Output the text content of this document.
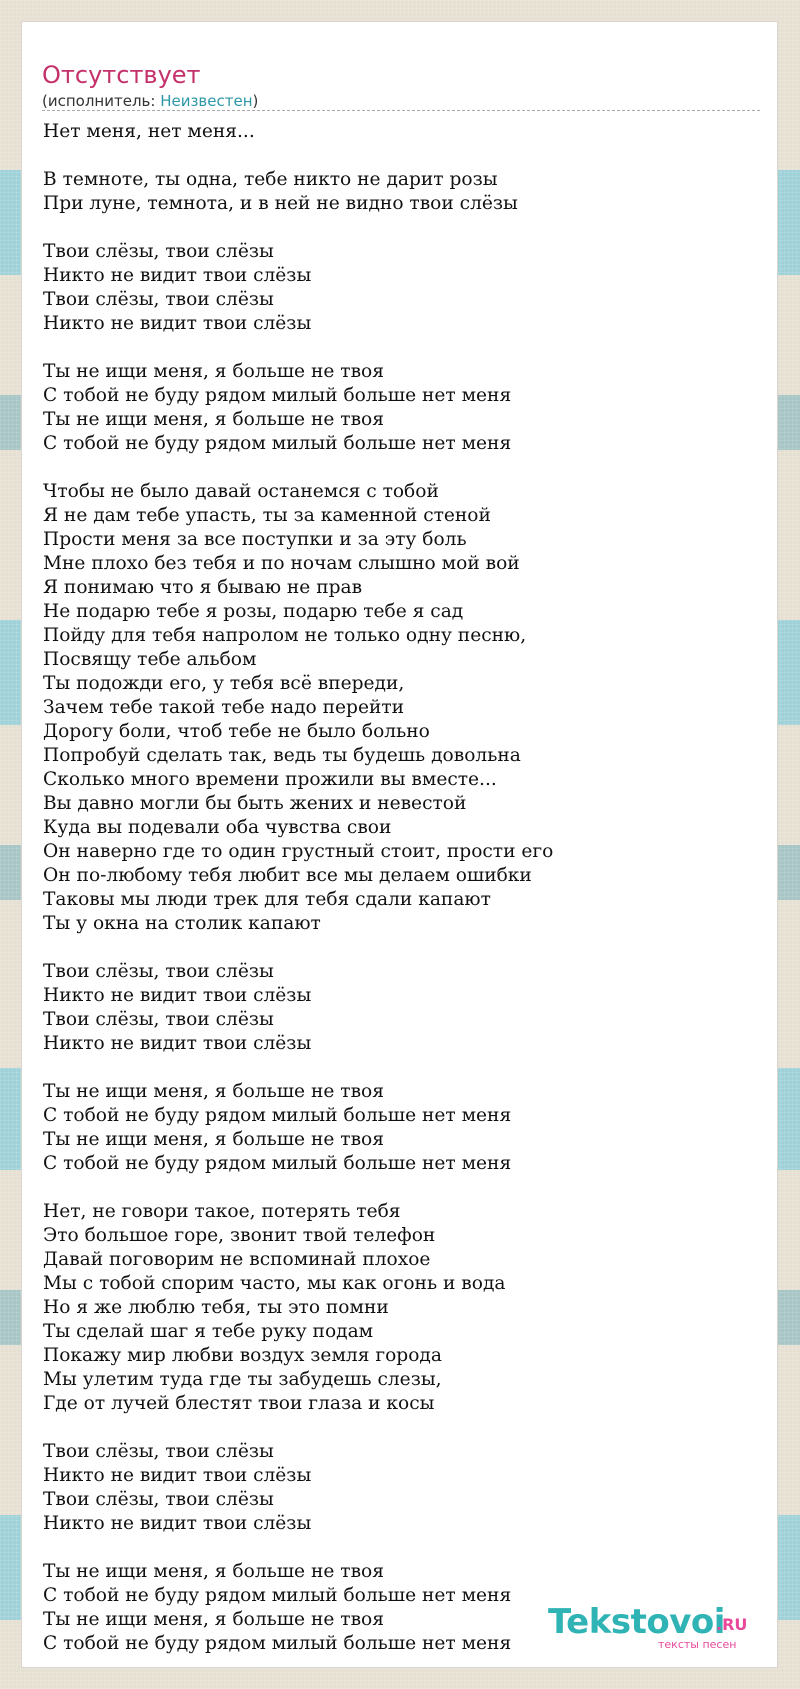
Отсутствует
(исполнитель: Неизвестен)
Нет меня, нет меня...
В темноте, ты одна, тебе никто не дарит розы
При луне, темнота, и в ней не видно твои слёзы
Твои слёзы, твои слёзы
Никто не видит твои слёзы
Твои слёзы, твои слёзы
Никто не видит твои слёзы
Ты не ищи меня, я больше не твоя
С тобой не буду рядом милый больше нет меня
Ты не ищи меня, я больше не твоя
С тобой не буду рядом милый больше нет меня
Чтобы не было давай останемся с тобой
Я не дам тебе упасть, ты за каменной стеной
Прости меня за все поступки и за эту боль
Мне плохо без тебя и по ночам слышно мой вой
Я понимаю что я бываю не прав
Не подарю тебе я розы, подарю тебе я сад
Пойду для тебя напролом не только одну песню,
Посвящу тебе альбом
Ты подожди его, у тебя всё впереди,
Зачем тебе такой тебе надо перейти
Дорогу боли, чтоб тебе не было больно
Попробуй сделать так, ведь ты будешь довольна
Сколько много времени прожили вы вместе...
Вы давно могли бы быть жених и невестой
Куда вы подевали оба чувства свои
Он наверно где то один грустный стоит, прости его
Он по-любому тебя любит все мы делаем ошибки
Таковы мы люди трек для тебя сдали капают
Ты у окна на столик капают
Твои слёзы, твои слёзы
Никто не видит твои слёзы
Твои слёзы, твои слёзы
Никто не видит твои слёзы
Ты не ищи меня, я больше не твоя
С тобой не буду рядом милый больше нет меня
Ты не ищи меня, я больше не твоя
С тобой не буду рядом милый больше нет меня
Нет, не говори такое, потерять тебя
Это большое горе, звонит твой телефон
Давай поговорим не вспоминай плохое
Мы с тобой спорим часто, мы как огонь и вода
Но я же люблю тебя, ты это помни
Ты сделай шаг я тебе руку подам
Покажу мир любви воздух земля города
Мы улетим туда где ты забудешь слезы,
Где от лучей блестят твои глаза и косы
Твои слёзы, твои слёзы
Никто не видит твои слёзы
Твои слёзы, твои слёзы
Никто не видит твои слёзы
Ты не ищи меня, я больше не твоя
С тобой не буду рядом милый больше нет меня
Ты не ищи меня, я больше не твоя
С тобой не буду рядом милый больше нет меня
Tekstovoi
.RU
тексты песен
